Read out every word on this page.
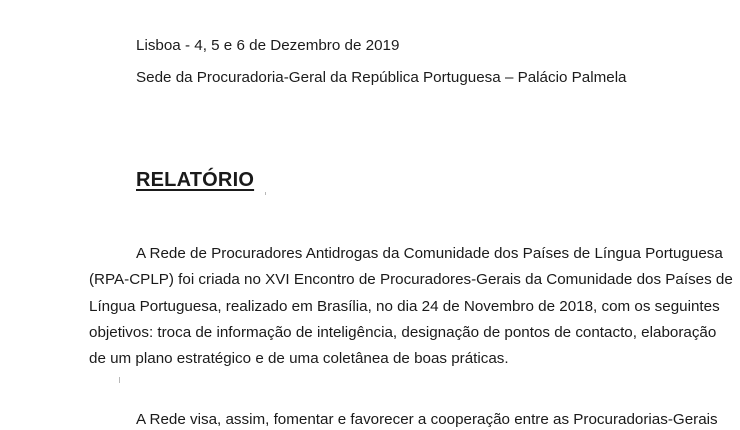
Lisboa - 4, 5 e 6 de Dezembro de 2019
Sede da Procuradoria-Geral da República Portuguesa – Palácio Palmela
RELATÓRIO
A Rede de Procuradores Antidrogas da Comunidade dos Países de Língua Portuguesa
(RPA-CPLP) foi criada no XVI Encontro de Procuradores-Gerais da Comunidade dos Países de
Língua Portuguesa, realizado em Brasília, no dia 24 de Novembro de 2018, com os seguintes
objetivos: troca de informação de inteligência, designação de pontos de contacto, elaboração
de um plano estratégico e de uma coletânea de boas práticas.
A Rede visa, assim, fomentar e favorecer a cooperação entre as Procuradorias-Gerais
